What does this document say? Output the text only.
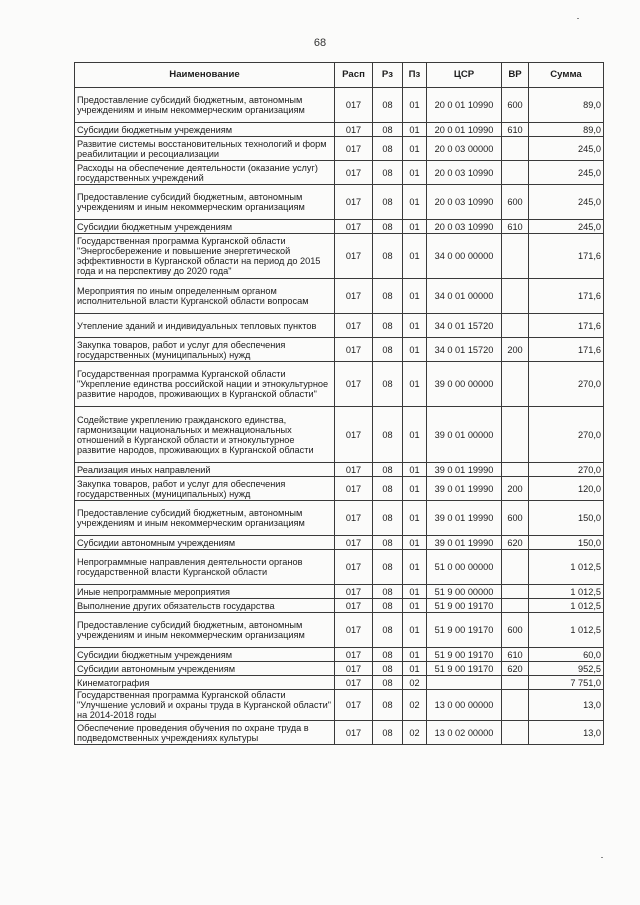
68
Наименование	Расп	Рз	Пз	ЦСР	ВР	Сумма
Предоставление субсидий бюджетным, автономным учреждениям и иным некоммерческим организациям	017	08	01	20 0 01 10990	600	89,0
Субсидии бюджетным учреждениям	017	08	01	20 0 01 10990	610	89,0
Развитие системы восстановительных технологий и форм реабилитации и ресоциализации	017	08	01	20 0 03 00000		245,0
Расходы на обеспечение деятельности (оказание услуг) государственных учреждений	017	08	01	20 0 03 10990		245,0
Предоставление субсидий бюджетным, автономным учреждениям и иным некоммерческим организациям	017	08	01	20 0 03 10990	600	245,0
Субсидии бюджетным учреждениям	017	08	01	20 0 03 10990	610	245,0
Государственная программа Курганской области "Энергосбережение и повышение энергетической эффективности в Курганской области на период до 2015 года и на перспективу до 2020 года"	017	08	01	34 0 00 00000		171,6
Мероприятия по иным определенным органом исполнительной власти Курганской области вопросам	017	08	01	34 0 01 00000		171,6
Утепление зданий и индивидуальных тепловых пунктов	017	08	01	34 0 01 15720		171,6
Закупка товаров, работ и услуг для обеспечения государственных (муниципальных) нужд	017	08	01	34 0 01 15720	200	171,6
Государственная программа Курганской области "Укрепление единства российской нации и этнокультурное развитие народов, проживающих в Курганской области"	017	08	01	39 0 00 00000		270,0
Содействие укреплению гражданского единства, гармонизации национальных и межнациональных отношений в Курганской области и этнокультурное развитие народов, проживающих в Курганской области	017	08	01	39 0 01 00000		270,0
Реализация иных направлений	017	08	01	39 0 01 19990		270,0
Закупка товаров, работ и услуг для обеспечения государственных (муниципальных) нужд	017	08	01	39 0 01 19990	200	120,0
Предоставление субсидий бюджетным, автономным учреждениям и иным некоммерческим организациям	017	08	01	39 0 01 19990	600	150,0
Субсидии автономным учреждениям	017	08	01	39 0 01 19990	620	150,0
Непрограммные направления деятельности органов государственной власти Курганской области	017	08	01	51 0 00 00000		1 012,5
Иные непрограммные мероприятия	017	08	01	51 9 00 00000		1 012,5
Выполнение других обязательств государства	017	08	01	51 9 00 19170		1 012,5
Предоставление субсидий бюджетным, автономным учреждениям и иным некоммерческим организациям	017	08	01	51 9 00 19170	600	1 012,5
Субсидии бюджетным учреждениям	017	08	01	51 9 00 19170	610	60,0
Субсидии автономным учреждениям	017	08	01	51 9 00 19170	620	952,5
Кинематография	017	08	02			7 751,0
Государственная программа Курганской области "Улучшение условий и охраны труда в Курганской области" на 2014-2018 годы	017	08	02	13 0 00 00000		13,0
Обеспечение проведения обучения по охране труда в подведомственных учреждениях культуры	017	08	02	13 0 02 00000		13,0
